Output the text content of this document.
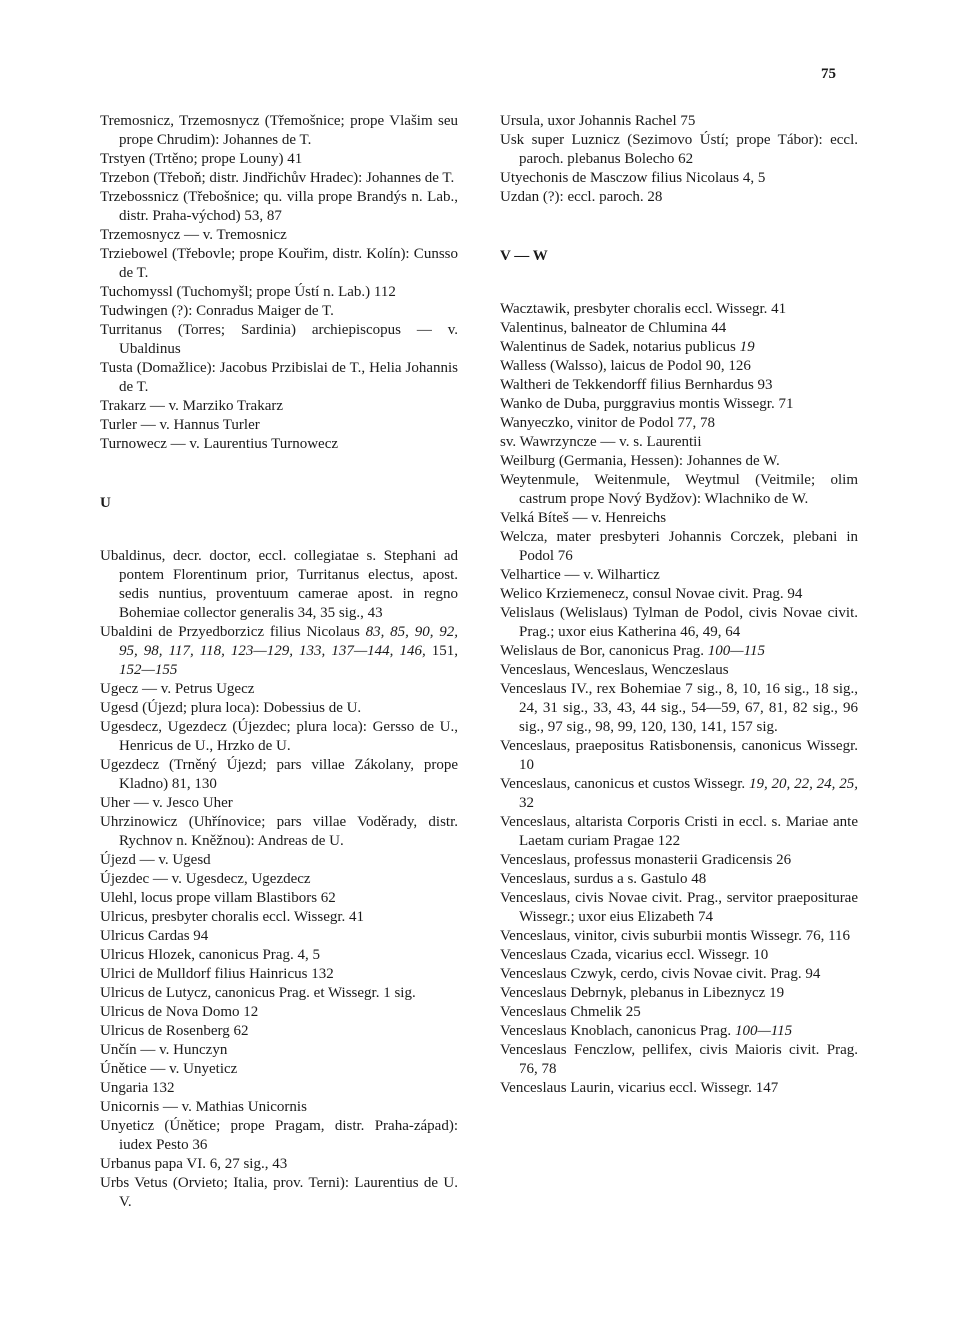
75
Tremosnicz, Trzemosnycz (Třemošnice; prope Vlašim seu prope Chrudim): Johannes de T.
Trstyen (Trtěno; prope Louny) 41
Trzebon (Třeboň; distr. Jindřichův Hradec): Johannes de T.
Trzebossnicz (Třebošnice; qu. villa prope Brandýs n. Lab., distr. Praha-východ) 53, 87
Trzemosnycz — v. Tremosnicz
Trziebowel (Třebovle; prope Kouřim, distr. Kolín): Cunsso de T.
Tuchomyssl (Tuchomyšl; prope Ústí n. Lab.) 112
Tudwingen (?): Conradus Maiger de T.
Turritanus (Torres; Sardinia) archiepiscopus — v. Ubaldinus
Tusta (Domažlice): Jacobus Przibislai de T., Helia Johannis de T.
Trakarz — v. Marziko Trakarz
Turler — v. Hannus Turler
Turnowecz — v. Laurentius Turnowecz
U
Ubaldinus, decr. doctor, eccl. collegiatae s. Stephani ad pontem Florentinum prior, Turritanus electus, apost. sedis nuntius, proventuum camerae apost. in regno Bohemiae collector generalis 34, 35 sig., 43
Ubaldini de Przyedborzicz filius Nicolaus 83, 85, 90, 92, 95, 98, 117, 118, 123—129, 133, 137—144, 146, 151, 152—155
Ugecz — v. Petrus Ugecz
Ugesd (Újezd; plura loca): Dobessius de U.
Ugesdecz, Ugezdecz (Újezdec; plura loca): Gersso de U., Henricus de U., Hrzko de U.
Ugezdecz (Trněný Újezd; pars villae Zákolany, prope Kladno) 81, 130
Uher — v. Jesco Uher
Uhrzinowicz (Uhřínovice; pars villae Voděrady, distr. Rychnov n. Kněžnou): Andreas de U.
Újezd — v. Ugesd
Újezdec — v. Ugesdecz, Ugezdecz
Ulehl, locus prope villam Blastibors 62
Ulricus, presbyter choralis eccl. Wissegr. 41
Ulricus Cardas 94
Ulricus Hlozek, canonicus Prag. 4, 5
Ulrici de Mulldorf filius Hainricus 132
Ulricus de Lutycz, canonicus Prag. et Wissegr. 1 sig.
Ulricus de Nova Domo 12
Ulricus de Rosenberg 62
Unčín — v. Hunczyn
Únětice — v. Unyeticz
Ungaria 132
Unicornis — v. Mathias Unicornis
Unyeticz (Únětice; prope Pragam, distr. Praha-západ): iudex Pesto 36
Urbanus papa VI. 6, 27 sig., 43
Urbs Vetus (Orvieto; Italia, prov. Terni): Laurentius de U. V.
Ursula, uxor Johannis Rachel 75
Usk super Luznicz (Sezimovo Ústí; prope Tábor): eccl. paroch. plebanus Bolecho 62
Utyechonis de Masczow filius Nicolaus 4, 5
Uzdan (?): eccl. paroch. 28
V — W
Wacztawik, presbyter choralis eccl. Wissegr. 41
Valentinus, balneator de Chlumina 44
Walentinus de Sadek, notarius publicus 19
Walless (Walsso), laicus de Podol 90, 126
Waltheri de Tekkendorff filius Bernhardus 93
Wanko de Duba, purggravius montis Wissegr. 71
Wanyeczko, vinitor de Podol 77, 78
sv. Wawrzyncze — v. s. Laurentii
Weilburg (Germania, Hessen): Johannes de W.
Weytenmule, Weitenmule, Weytmul (Veitmile; olim castrum prope Nový Bydžov): Wlachniko de W.
Velká Bíteš — v. Henreichs
Welcza, mater presbyteri Johannis Corczek, plebani in Podol 76
Velhartice — v. Wilharticz
Welico Krziemenecz, consul Novae civit. Prag. 94
Velislaus (Welislaus) Tylman de Podol, civis Novae civit. Prag.; uxor eius Katherina 46, 49, 64
Welislaus de Bor, canonicus Prag. 100—115
Venceslaus, Wenceslaus, Wenczeslaus
Venceslaus IV., rex Bohemiae 7 sig., 8, 10, 16 sig., 18 sig., 24, 31 sig., 33, 43, 44 sig., 54—59, 67, 81, 82 sig., 96 sig., 97 sig., 98, 99, 120, 130, 141, 157 sig.
Venceslaus, praepositus Ratisbonensis, canonicus Wissegr. 10
Venceslaus, canonicus et custos Wissegr. 19, 20, 22, 24, 25, 32
Venceslaus, altarista Corporis Cristi in eccl. s. Mariae ante Laetam curiam Pragae 122
Venceslaus, professus monasterii Gradicensis 26
Venceslaus, surdus a s. Gastulo 48
Venceslaus, civis Novae civit. Prag., servitor praepositurae Wissegr.; uxor eius Elizabeth 74
Venceslaus, vinitor, civis suburbii montis Wissegr. 76, 116
Venceslaus Czada, vicarius eccl. Wissegr. 10
Venceslaus Czwyk, cerdo, civis Novae civit. Prag. 94
Venceslaus Debrnyk, plebanus in Libeznycz 19
Venceslaus Chmelik 25
Venceslaus Knoblach, canonicus Prag. 100—115
Venceslaus Fenczlow, pellifex, civis Maioris civit. Prag. 76, 78
Venceslaus Laurin, vicarius eccl. Wissegr. 147
